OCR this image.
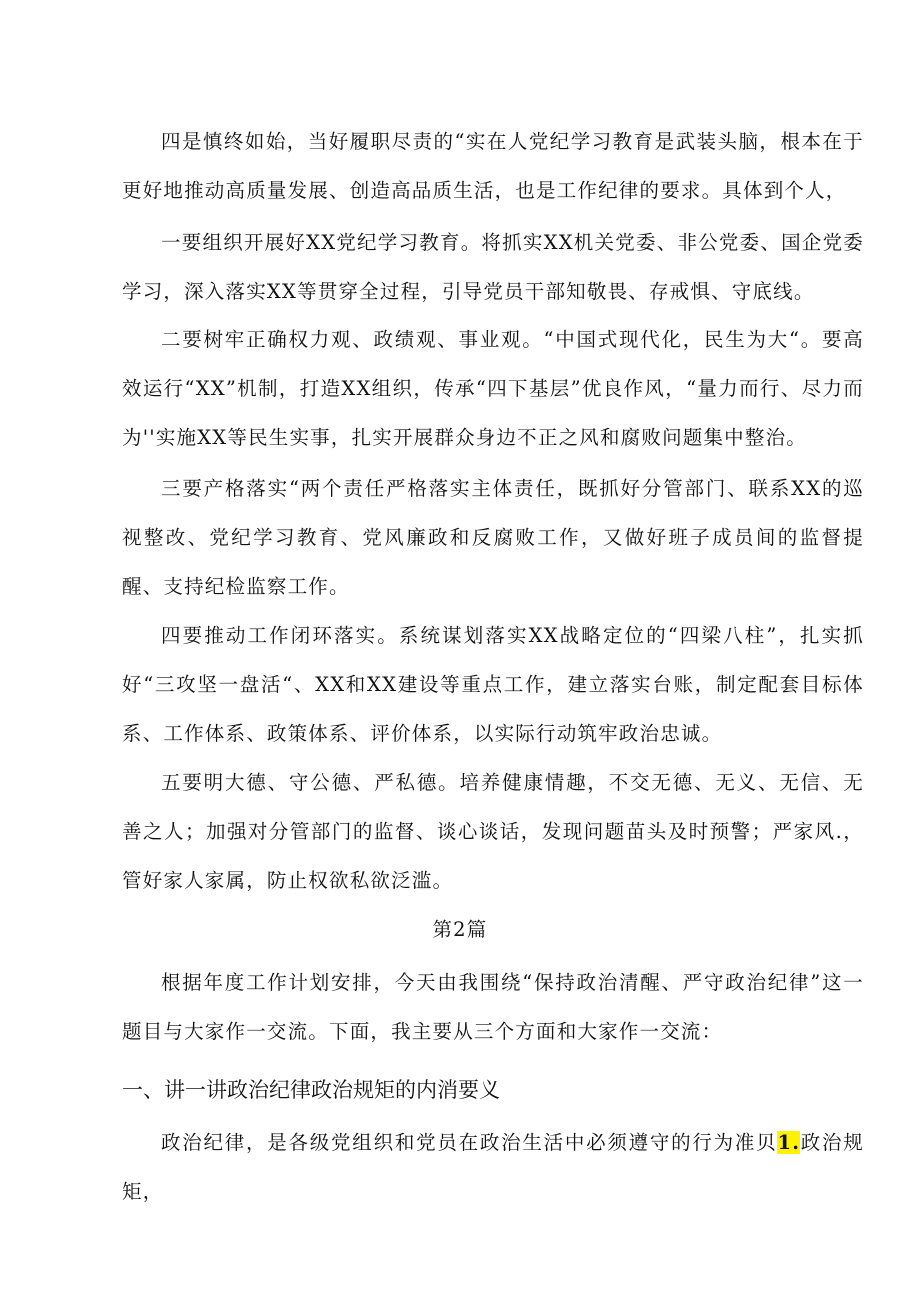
四是慎终如始，当好履职尽责的“实在人党纪学习教育是武装头脑，根本在于更好地推动高质量发展、创造高品质生活，也是工作纪律的要求。具体到个人，

一要组织开展好XX党纪学习教育。将抓实XX机关党委、非公党委、国企党委学习，深入落实XX等贯穿全过程，引导党员干部知敬畏、存戒惧、守底线。

二要树牢正确权力观、政绩观、事业观。“中国式现代化，民生为大“。要高效运行“XX”机制，打造XX组织，传承“四下基层”优良作风，“量力而行、尽力而为''实施XX等民生实事，扎实开展群众身边不正之风和腐败问题集中整治。

三要产格落实“两个责任严格落实主体责任，既抓好分管部门、联系XX的巡视整改、党纪学习教育、党风廉政和反腐败工作，又做好班子成员间的监督提醒、支持纪检监察工作。

四要推动工作闭环落实。系统谋划落实XX战略定位的“四梁八柱”，扎实抓好“三攻坚一盘活“、XX和XX建设等重点工作，建立落实台账，制定配套目标体系、工作体系、政策体系、评价体系，以实际行动筑牢政治忠诚。

五要明大德、守公德、严私德。培养健康情趣，不交无德、无义、无信、无善之人；加强对分管部门的监督、谈心谈话，发现问题苗头及时预警；严家风.，管好家人家属，防止权欲私欲泛滥。

第2篇

根据年度工作计划安排，今天由我围绕“保持政治清醒、严守政治纪律”这一题目与大家作一交流。下面，我主要从三个方面和大家作一交流：

一、讲一讲政治纪律政治规矩的内消要义

政治纪律，是各级党组织和党员在政治生活中必须遵守的行为准贝1.政治规矩，
